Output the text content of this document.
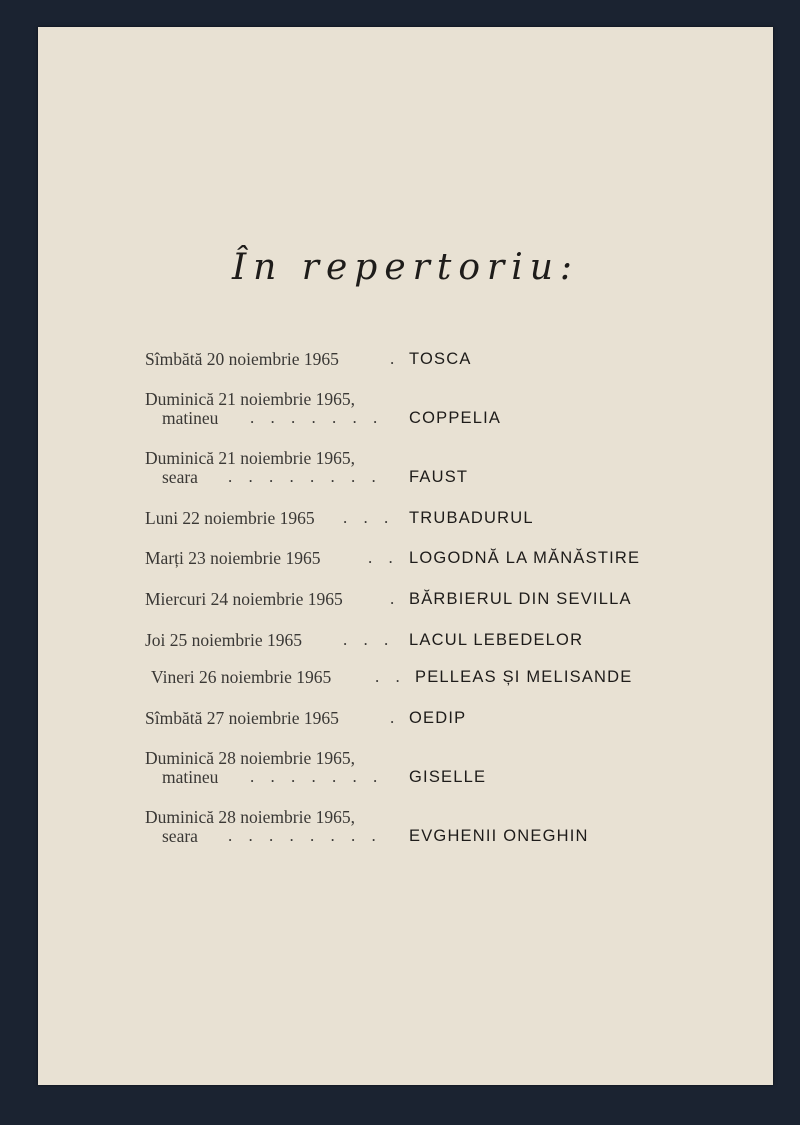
În repertoriu:
Sîmbătă 20 noiembrie 1965	. TOSCA
Duminică 21 noiembrie 1965,
matineu . . . . . . . COPPELIA
Duminică 21 noiembrie 1965,
seara . . . . . . . . FAUST
Luni 22 noiembrie 1965 . . . TRUBADURUL
Marți 23 noiembrie 1965	. . LOGODNĂ LA MĂNĂSTIRE
Miercuri 24 noiembrie 1965	. BĂRBIERUL DIN SEVILLA
Joi 25 noiembrie 1965 . . . LACUL LEBEDELOR
Vineri 26 noiembrie 1965	. . PELLEAS ȘI MELISANDE
Sîmbătă 27 noiembrie 1965	. OEDIP
Duminică 28 noiembrie 1965,
matineu . . . . . . . GISELLE
Duminică 28 noiembrie 1965,
seara . . . . . . . . EVGHENII ONEGHIN
